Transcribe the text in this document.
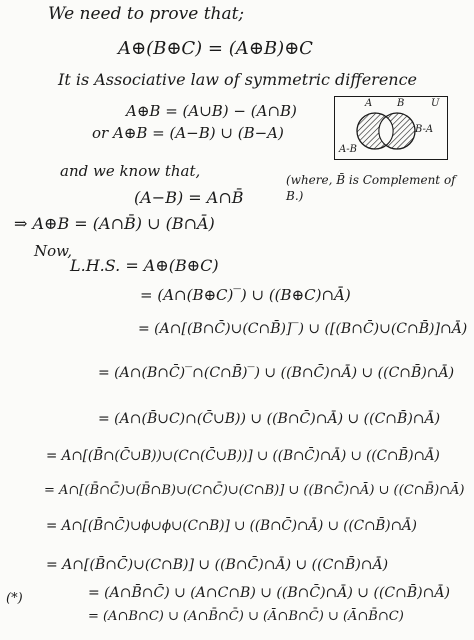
We need to prove that;
A⊕(B⊕C) = (A⊕B)⊕C
It is Associative law of symmetric difference
A⊕B = (A∪B) − (A∩B)
or A⊕B = (A−B) ∪ (B−A)
A B	U
B-A
A-B
and we know that,
(A−B) = A∩B̄
(where, B̄ is Complement of B.)
⇒ A⊕B = (A∩B̄) ∪ (B∩Ā)
Now,
L.H.S. = A⊕(B⊕C)
= (A∩(B⊕C)‾) ∪ ((B⊕C)∩Ā)
= (A∩[(B∩C̄)∪(C∩B̄)]‾) ∪ ([(B∩C̄)∪(C∩B̄)]∩Ā)
= (A∩(B∩C̄)‾∩(C∩B̄)‾) ∪ ((B∩C̄)∩Ā) ∪ ((C∩B̄)∩Ā)
= (A∩(B̄∪C)∩(C̄∪B)) ∪ ((B∩C̄)∩Ā) ∪ ((C∩B̄)∩Ā)
= A∩[(B̄∩(C̄∪B))∪(C∩(C̄∪B))] ∪ ((B∩C̄)∩Ā) ∪ ((C∩B̄)∩Ā)
= A∩[(B̄∩C̄)∪(B̄∩B)∪(C∩C̄)∪(C∩B)] ∪ ((B∩C̄)∩Ā) ∪ ((C∩B̄)∩Ā)
= A∩[(B̄∩C̄)∪ϕ∪ϕ∪(C∩B)] ∪ ((B∩C̄)∩Ā) ∪ ((C∩B̄)∩Ā)
= A∩[(B̄∩C̄)∪(C∩B)] ∪ ((B∩C̄)∩Ā) ∪ ((C∩B̄)∩Ā)
(*)	= (A∩B̄∩C̄) ∪ (A∩C∩B) ∪ ((B∩C̄)∩Ā) ∪ ((C∩B̄)∩Ā)
= (A∩B∩C) ∪ (A∩B̄∩C̄) ∪ (Ā∩B∩C̄) ∪ (Ā∩B̄∩C)
